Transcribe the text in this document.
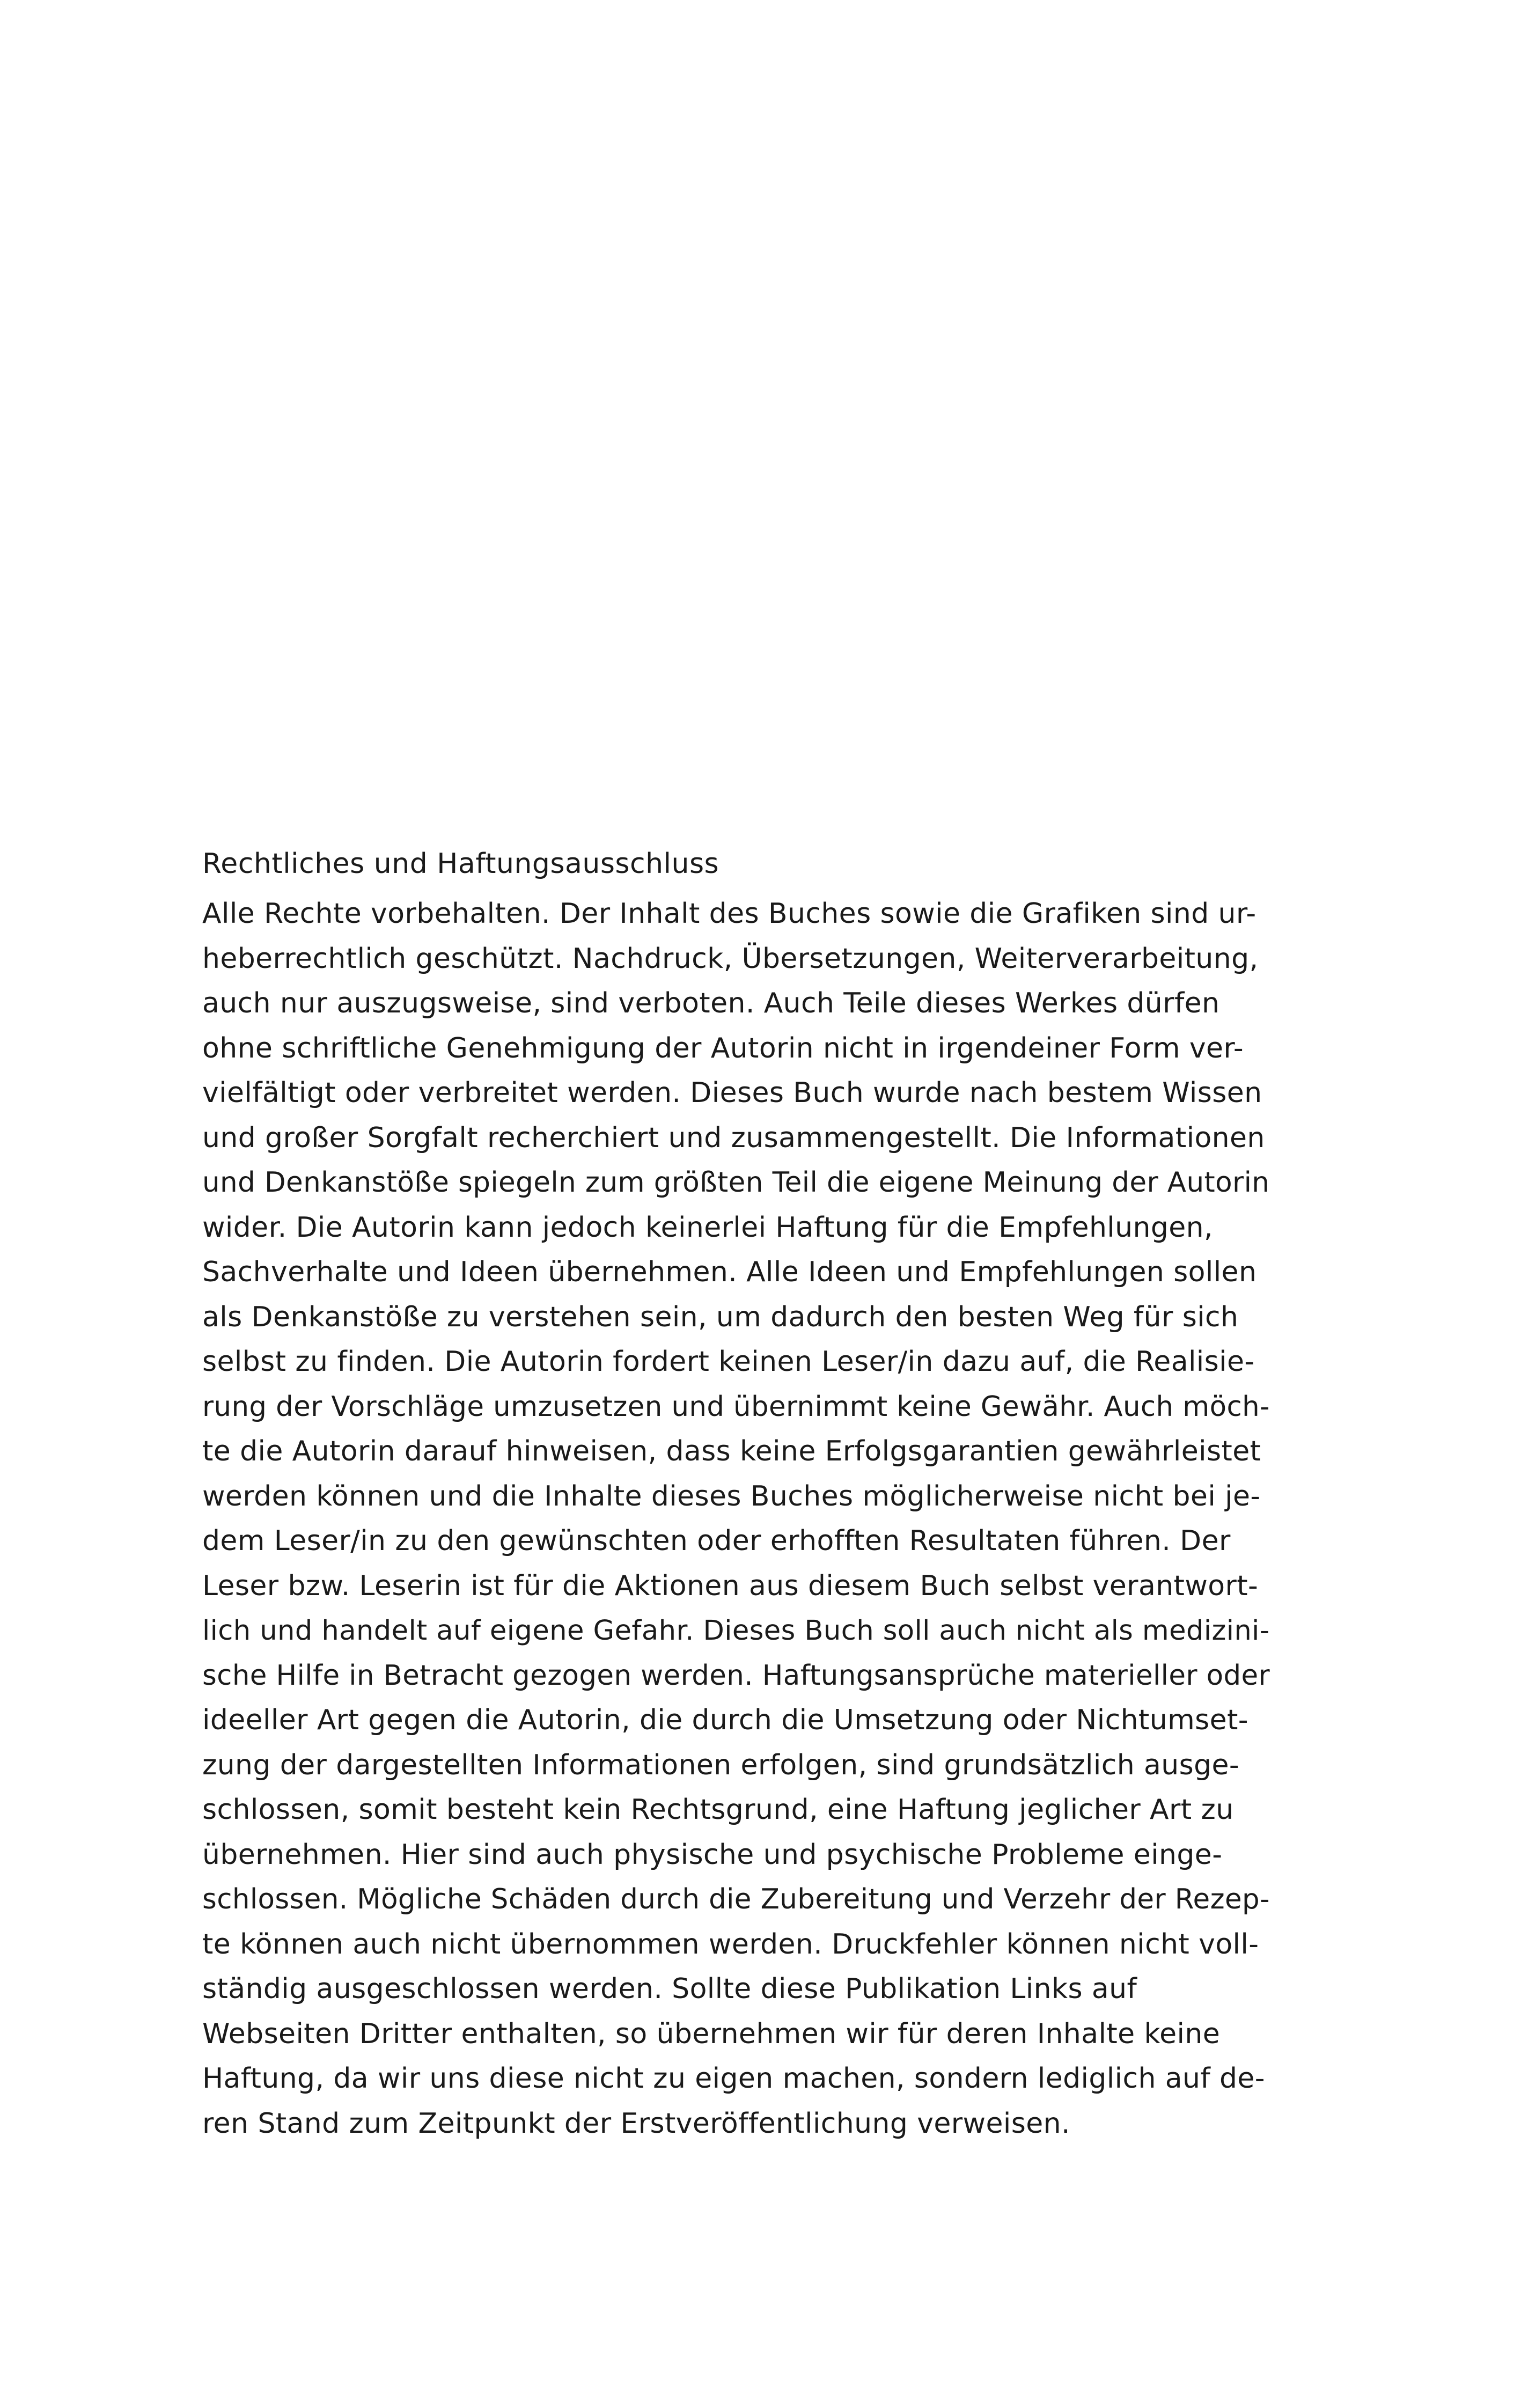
Rechtliches und Haftungsausschluss
Alle Rechte vorbehalten. Der Inhalt des Buches sowie die Grafiken sind ur-
heberrechtlich geschützt. Nachdruck, Übersetzungen, Weiterverarbeitung,
auch nur auszugsweise, sind verboten. Auch Teile dieses Werkes dürfen
ohne schriftliche Genehmigung der Autorin nicht in irgendeiner Form ver-
vielfältigt oder verbreitet werden. Dieses Buch wurde nach bestem Wissen
und großer Sorgfalt recherchiert und zusammengestellt. Die Informationen
und Denkanstöße spiegeln zum größten Teil die eigene Meinung der Autorin
wider. Die Autorin kann jedoch keinerlei Haftung für die Empfehlungen,
Sachverhalte und Ideen übernehmen. Alle Ideen und Empfehlungen sollen
als Denkanstöße zu verstehen sein, um dadurch den besten Weg für sich
selbst zu finden. Die Autorin fordert keinen Leser/in dazu auf, die Realisie-
rung der Vorschläge umzusetzen und übernimmt keine Gewähr. Auch möch-
te die Autorin darauf hinweisen, dass keine Erfolgsgarantien gewährleistet
werden können und die Inhalte dieses Buches möglicherweise nicht bei je-
dem Leser/in zu den gewünschten oder erhofften Resultaten führen. Der
Leser bzw. Leserin ist für die Aktionen aus diesem Buch selbst verantwort-
lich und handelt auf eigene Gefahr. Dieses Buch soll auch nicht als medizini-
sche Hilfe in Betracht gezogen werden. Haftungsansprüche materieller oder
ideeller Art gegen die Autorin, die durch die Umsetzung oder Nichtumset-
zung der dargestellten Informationen erfolgen, sind grundsätzlich ausge-
schlossen, somit besteht kein Rechtsgrund, eine Haftung jeglicher Art zu
übernehmen. Hier sind auch physische und psychische Probleme einge-
schlossen. Mögliche Schäden durch die Zubereitung und Verzehr der Rezep-
te können auch nicht übernommen werden. Druckfehler können nicht voll-
ständig ausgeschlossen werden. Sollte diese Publikation Links auf
Webseiten Dritter enthalten, so übernehmen wir für deren Inhalte keine
Haftung, da wir uns diese nicht zu eigen machen, sondern lediglich auf de-
ren Stand zum Zeitpunkt der Erstveröffentlichung verweisen.
